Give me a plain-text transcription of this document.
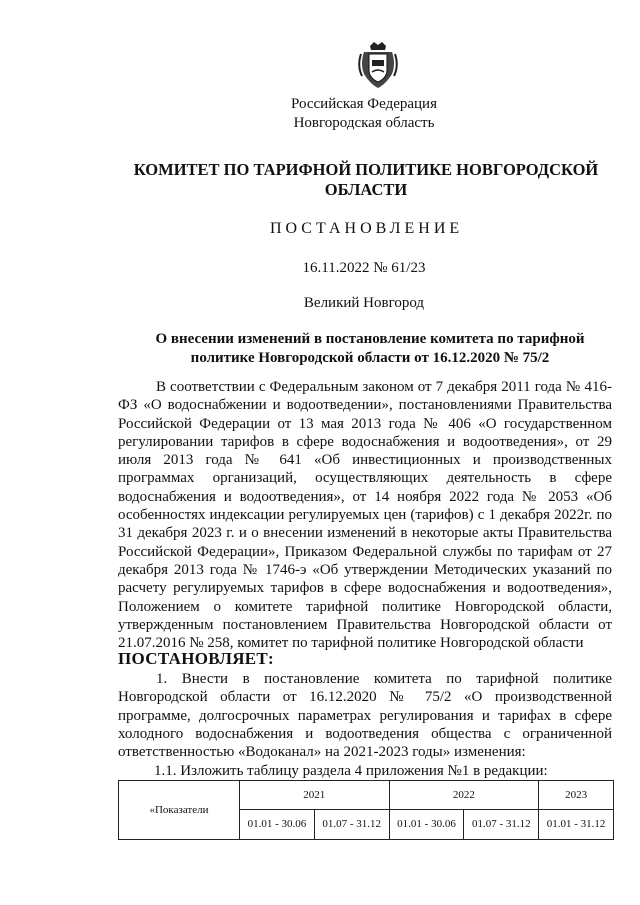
Российская Федерация
Новгородская область
КОМИТЕТ ПО ТАРИФНОЙ ПОЛИТИКЕ НОВГОРОДСКОЙ ОБЛАСТИ
ПОСТАНОВЛЕНИЕ
16.11.2022 № 61/23
Великий Новгород
О внесении изменений в постановление комитета по тарифной политике Новгородской области от 16.12.2020 № 75/2

В соответствии с Федеральным законом от 7 декабря 2011 года № 416-ФЗ «О водоснабжении и водоотведении», постановлениями Правительства Российской Федерации от 13 мая 2013 года № 406 «О государственном регулировании тарифов в сфере водоснабжения и водоотведения», от 29 июля 2013 года № 641 «Об инвестиционных и производственных программах организаций, осуществляющих деятельность в сфере водоснабжения и водоотведения», от 14 ноября 2022 года № 2053 «Об особенностях индексации регулируемых цен (тарифов) с 1 декабря 2022г. по 31 декабря 2023 г. и о внесении изменений в некоторые акты Правительства Российской Федерации», Приказом Федеральной службы по тарифам от 27 декабря 2013 года № 1746-э «Об утверждении Методических указаний по расчету регулируемых тарифов в сфере водоснабжения и водоотведения», Положением о комитете тарифной политике Новгородской области, утвержденным постановлением Правительства Новгородской области от 21.07.2016 № 258, комитет по тарифной политике Новгородской области

ПОСТАНОВЛЯЕТ:

1. Внести в постановление комитета по тарифной политике Новгородской области от 16.12.2020 № 75/2 «О производственной программе, долгосрочных параметрах регулирования и тарифах в сфере холодного водоснабжения и водоотведения общества с ограниченной ответственностью «Водоканал» на 2021-2023 годы» изменения:

1.1. Изложить таблицу раздела 4 приложения №1 в редакции:

«Показатели	2021		2022		2023
	01.01 - 30.06	01.07 - 31.12	01.01 - 30.06	01.07 - 31.12	01.01 - 31.12
